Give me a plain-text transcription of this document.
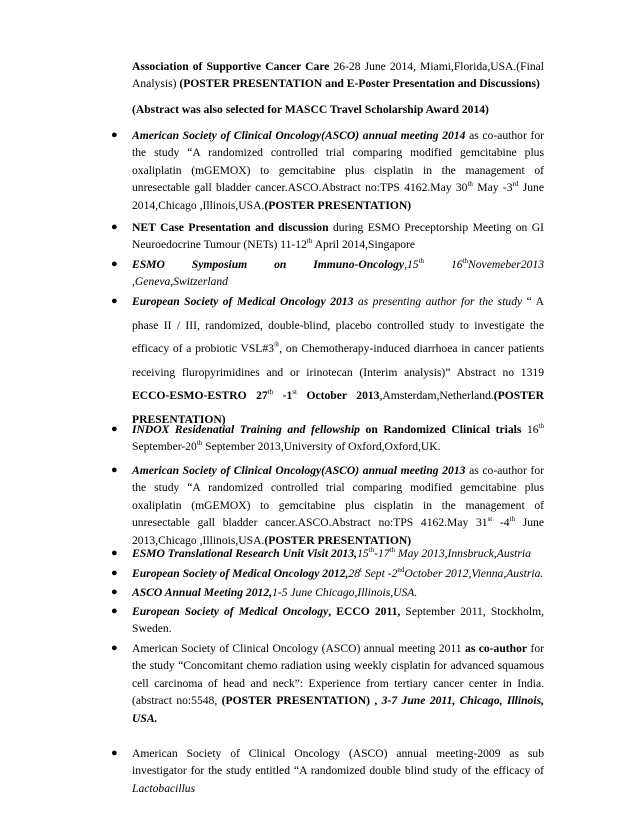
Association of Supportive Cancer Care 26-28 June 2014, Miami,Florida,USA.(Final Analysis) (POSTER PRESENTATION and E-Poster Presentation and Discussions)
(Abstract was also selected for MASCC Travel Scholarship Award 2014)
● American Society of Clinical Oncology(ASCO) annual meeting 2014 as co-author for the study “A randomized controlled trial comparing modified gemcitabine plus oxaliplatin (mGEMOX) to gemcitabine plus cisplatin in the management of unresectable gall bladder cancer.ASCO.Abstract no:TPS 4162.May 30th May -3rd June 2014,Chicago ,Illinois,USA.(POSTER PRESENTATION)
● NET Case Presentation and discussion during ESMO Preceptorship Meeting on GI Neuroedocrine Tumour (NETs) 11-12th April 2014,Singapore
● ESMO Symposium on Immuno-Oncology,15th 16thNovemeber2013 ,Geneva,Switzerland
● European Society of Medical Oncology 2013 as presenting author for the study “ A phase II / III, randomized, double-blind, placebo controlled study to investigate the efficacy of a probiotic VSL#3®, on Chemotherapy-induced diarrhoea in cancer patients receiving fluropyrimidines and or irinotecan (Interim analysis)” Abstract no 1319 ECCO-ESMO-ESTRO 27th -1st October 2013,Amsterdam,Netherland.(POSTER PRESENTATION)
● INDOX Residenatial Training and fellowship on Randomized Clinical trials 16th September-20th September 2013,University of Oxford,Oxford,UK.
● American Society of Clinical Oncology(ASCO) annual meeting 2013 as co-author for the study “A randomized controlled trial comparing modified gemcitabine plus oxaliplatin (mGEMOX) to gemcitabine plus cisplatin in the management of unresectable gall bladder cancer.ASCO.Abstract no:TPS 4162.May 31st -4th June 2013,Chicago ,Illinois,USA.(POSTER PRESENTATION)
● ESMO Translational Research Unit Visit 2013,15th-17th May 2013,Innsbruck,Austria
● European Society of Medical Oncology 2012,28$^t$ Sept -2ndOctober 2012,Vienna,Austria.
● ASCO Annual Meeting 2012,1-5 June Chicago,Illinois,USA.
● European Society of Medical Oncology, ECCO 2011, September 2011, Stockholm, Sweden.
● American Society of Clinical Oncology (ASCO) annual meeting 2011 as co-author for the study “Concomitant chemo radiation using weekly cisplatin for advanced squamous cell carcinoma of head and neck”: Experience from tertiary cancer center in India. (abstract no:5548, (POSTER PRESENTATION) , 3-7 June 2011, Chicago, Illinois, USA.
● American Society of Clinical Oncology (ASCO) annual meeting-2009 as sub investigator for the study entitled “A randomized double blind study of the efficacy of Lactobacillus
